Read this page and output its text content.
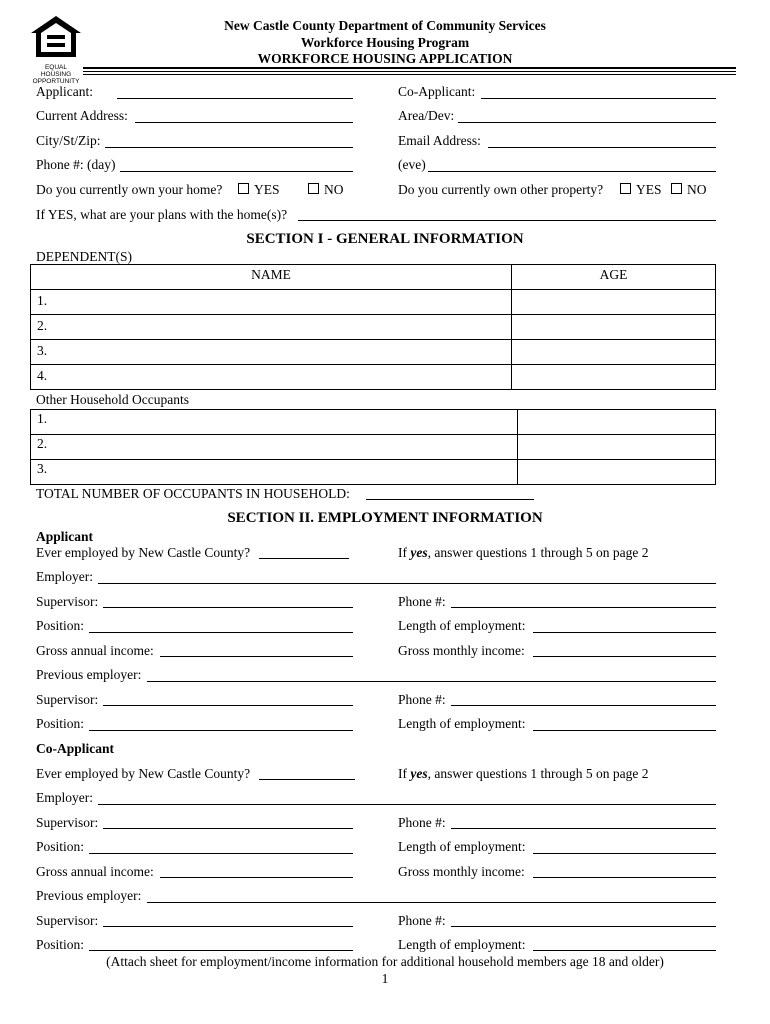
EQUAL HOUSING
OPPORTUNITY
New Castle County Department of Community Services
Workforce Housing Program
WORKFORCE HOUSING APPLICATION
Applicant:	Co-Applicant:
Current Address:	Area/Dev:
City/St/Zip:	Email Address:
Phone #: (day)	(eve)
Do you currently own your home?	YES	NO	Do you currently own other property?	YES	NO
If YES, what are your plans with the home(s)?
SECTION I - GENERAL INFORMATION
DEPENDENT(S)
NAME	AGE
1.	
2.	
3.	
4.	
Other Household Occupants
1.	
2.	
3.	
TOTAL NUMBER OF OCCUPANTS IN HOUSEHOLD:
SECTION II. EMPLOYMENT INFORMATION
Applicant
Ever employed by New Castle County?	If yes, answer questions 1 through 5 on page 2
Employer:
Supervisor:	Phone #:
Position:	Length of employment:
Gross annual income:	Gross monthly income:
Previous employer:
Supervisor:	Phone #:
Position:	Length of employment:
Co-Applicant
Ever employed by New Castle County?	If yes, answer questions 1 through 5 on page 2
Employer:
Supervisor:	Phone #:
Position:	Length of employment:
Gross annual income:	Gross monthly income:
Previous employer:
Supervisor:	Phone #:
Position:	Length of employment:
(Attach sheet for employment/income information for additional household members age 18 and older)
1
